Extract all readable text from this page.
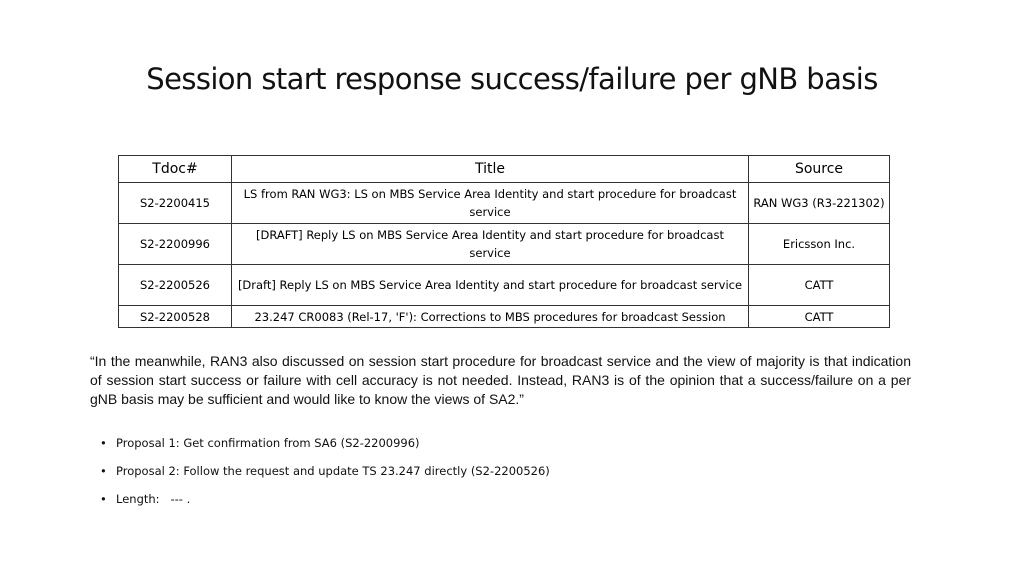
Session start response success/failure per gNB basis
Tdoc#	Title	Source
S2-2200415	LS from RAN WG3: LS on MBS Service Area Identity and start procedure for broadcast service	RAN WG3 (R3-221302)
S2-2200996	[DRAFT] Reply LS on MBS Service Area Identity and start procedure for broadcast service	Ericsson Inc.
S2-2200526	[Draft] Reply LS on MBS Service Area Identity and start procedure for broadcast service	CATT
S2-2200528	23.247 CR0083 (Rel-17, 'F'): Corrections to MBS procedures for broadcast Session	CATT
“In the meanwhile, RAN3 also discussed on session start procedure for broadcast service and the view of majority is that indication of session start success or failure with cell accuracy is not needed. Instead, RAN3 is of the opinion that a success/failure on a per gNB basis may be sufficient and would like to know the views of SA2.”
• Proposal 1: Get confirmation from SA6 (S2-2200996)
• Proposal 2: Follow the request and update TS 23.247 directly (S2-2200526)
• Length:   --- .
